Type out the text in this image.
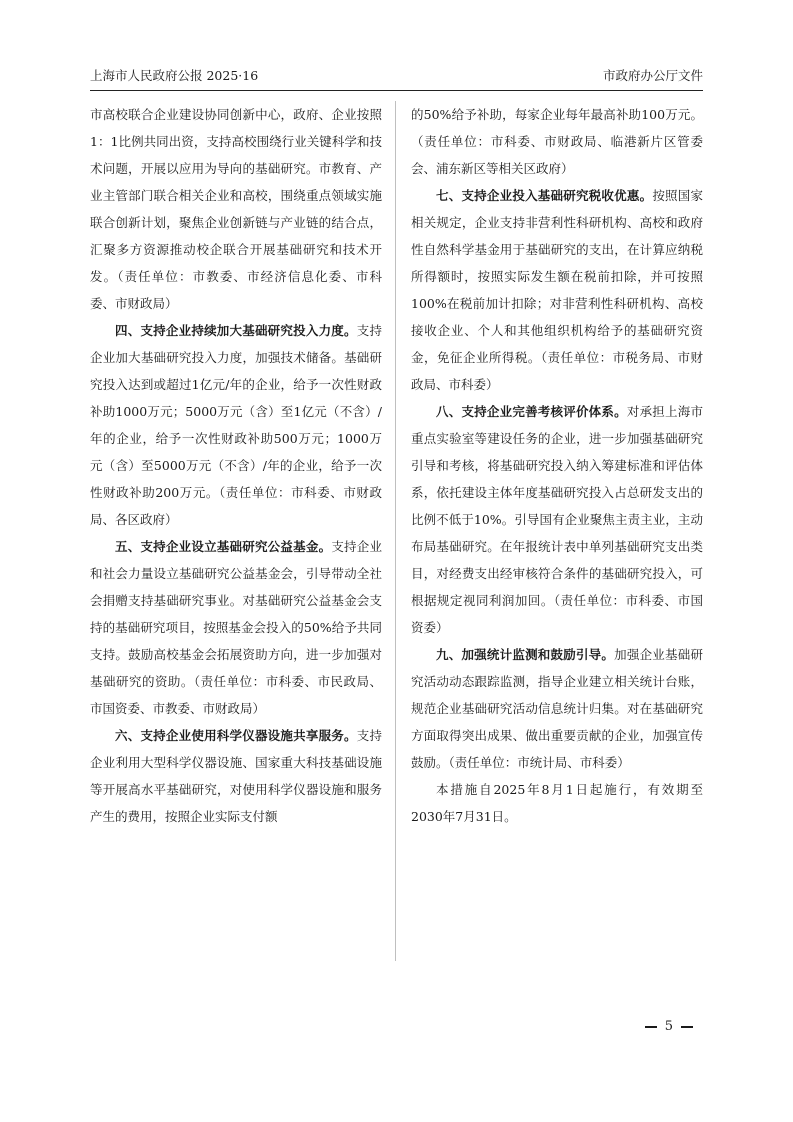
上海市人民政府公报 2025·16	市政府办公厅文件

市高校联合企业建设协同创新中心，政府、企业按照1：1比例共同出资，支持高校围绕行业关键科学和技术问题，开展以应用为导向的基础研究。市教育、产业主管部门联合相关企业和高校，围绕重点领域实施联合创新计划，聚焦企业创新链与产业链的结合点，汇聚多方资源推动校企联合开展基础研究和技术开发。（责任单位：市教委、市经济信息化委、市科委、市财政局）

四、支持企业持续加大基础研究投入力度。支持企业加大基础研究投入力度，加强技术储备。基础研究投入达到或超过1亿元/年的企业，给予一次性财政补助1000万元；5000万元（含）至1亿元（不含）/年的企业，给予一次性财政补助500万元；1000万元（含）至5000万元（不含）/年的企业，给予一次性财政补助200万元。（责任单位：市科委、市财政局、各区政府）

五、支持企业设立基础研究公益基金。支持企业和社会力量设立基础研究公益基金会，引导带动全社会捐赠支持基础研究事业。对基础研究公益基金会支持的基础研究项目，按照基金会投入的50%给予共同支持。鼓励高校基金会拓展资助方向，进一步加强对基础研究的资助。（责任单位：市科委、市民政局、市国资委、市教委、市财政局）

六、支持企业使用科学仪器设施共享服务。支持企业利用大型科学仪器设施、国家重大科技基础设施等开展高水平基础研究，对使用科学仪器设施和服务产生的费用，按照企业实际支付额

的50%给予补助，每家企业每年最高补助100万元。（责任单位：市科委、市财政局、临港新片区管委会、浦东新区等相关区政府）

七、支持企业投入基础研究税收优惠。按照国家相关规定，企业支持非营利性科研机构、高校和政府性自然科学基金用于基础研究的支出，在计算应纳税所得额时，按照实际发生额在税前扣除，并可按照100%在税前加计扣除；对非营利性科研机构、高校接收企业、个人和其他组织机构给予的基础研究资金，免征企业所得税。（责任单位：市税务局、市财政局、市科委）

八、支持企业完善考核评价体系。对承担上海市重点实验室等建设任务的企业，进一步加强基础研究引导和考核，将基础研究投入纳入筹建标准和评估体系，依托建设主体年度基础研究投入占总研发支出的比例不低于10%。引导国有企业聚焦主责主业，主动布局基础研究。在年报统计表中单列基础研究支出类目，对经费支出经审核符合条件的基础研究投入，可根据规定视同利润加回。（责任单位：市科委、市国资委）

九、加强统计监测和鼓励引导。加强企业基础研究活动动态跟踪监测，指导企业建立相关统计台账，规范企业基础研究活动信息统计归集。对在基础研究方面取得突出成果、做出重要贡献的企业，加强宣传鼓励。（责任单位：市统计局、市科委）

本措施自2025年8月1日起施行，有效期至2030年7月31日。

5
